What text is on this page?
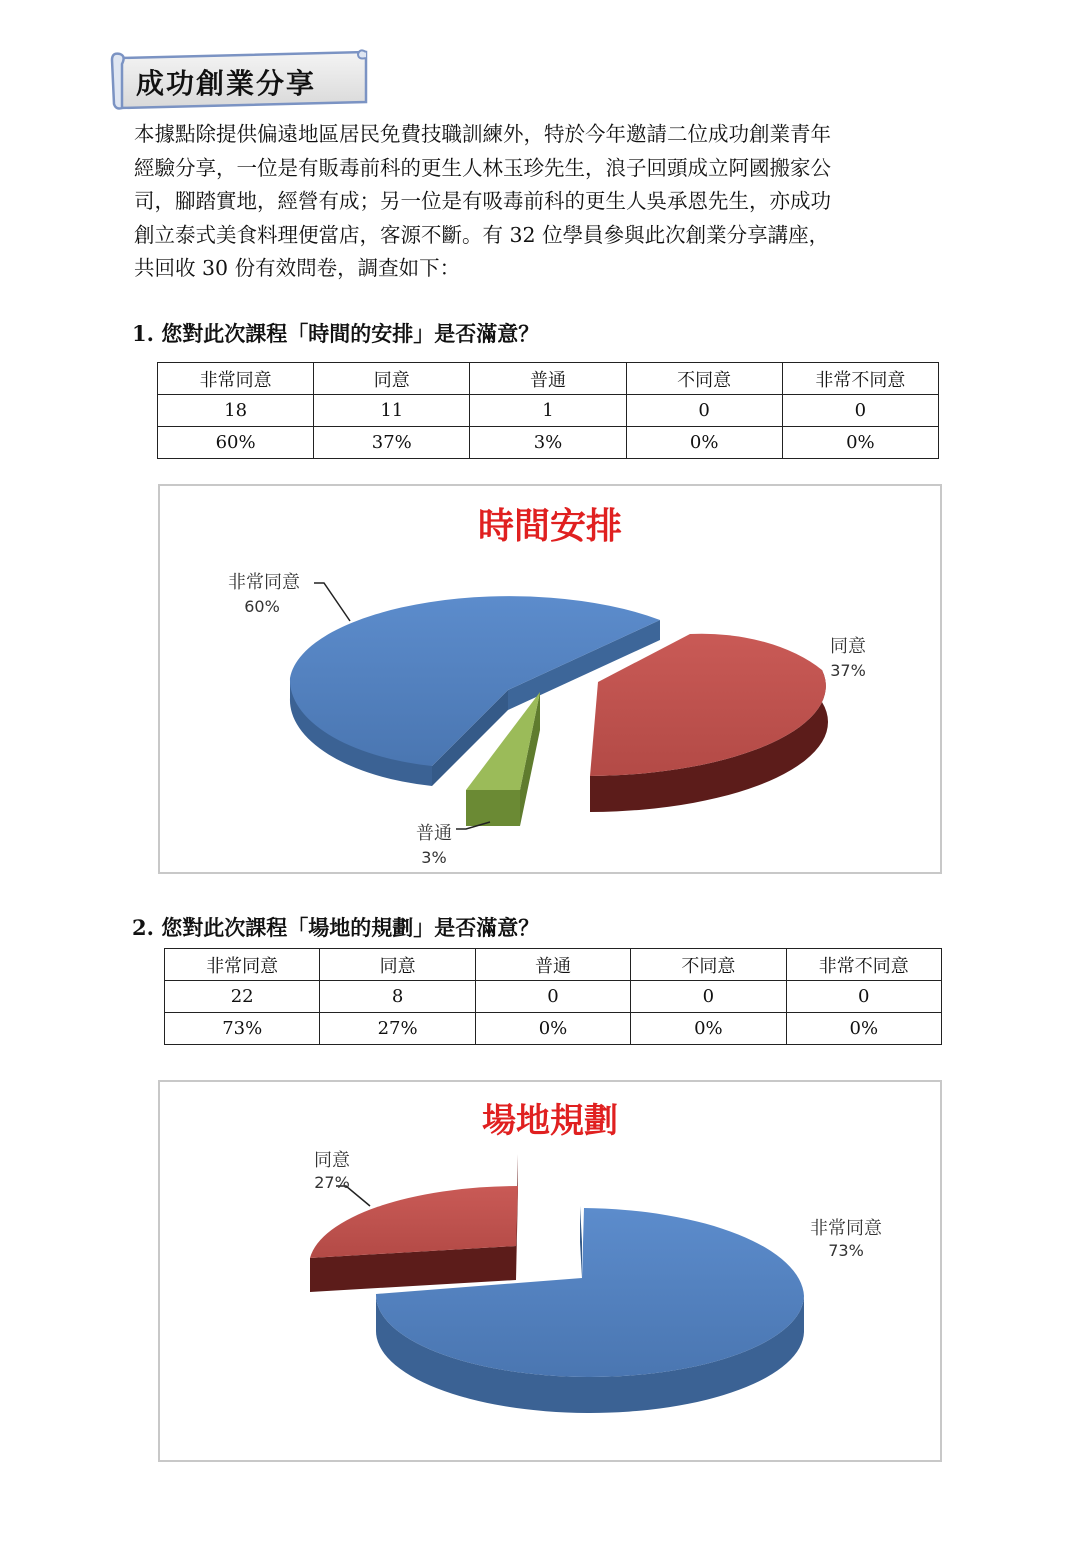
成功創業分享

本據點除提供偏遠地區居民免費技職訓練外，特於今年邀請二位成功創業青年

經驗分享，一位是有販毒前科的更生人林玉珍先生，浪子回頭成立阿國搬家公

司，腳踏實地，經營有成；另一位是有吸毒前科的更生人吳承恩先生，亦成功

創立泰式美食料理便當店，客源不斷。有 32 位學員參與此次創業分享講座，

共回收 30 份有效問卷，調查如下：

1. 您對此次課程「時間的安排」是否滿意？
非常同意	同意	普通	不同意	非常不同意
18	11	1	0	0
60%	37%	3%	0%	0%
時間安排
非常同意
60%
同意
37%
普通
3%
2. 您對此次課程「場地的規劃」是否滿意？
非常同意	同意	普通	不同意	非常不同意
22	8	0	0	0
73%	27%	0%	0%	0%
場地規劃
同意
27%
非常同意
73%
